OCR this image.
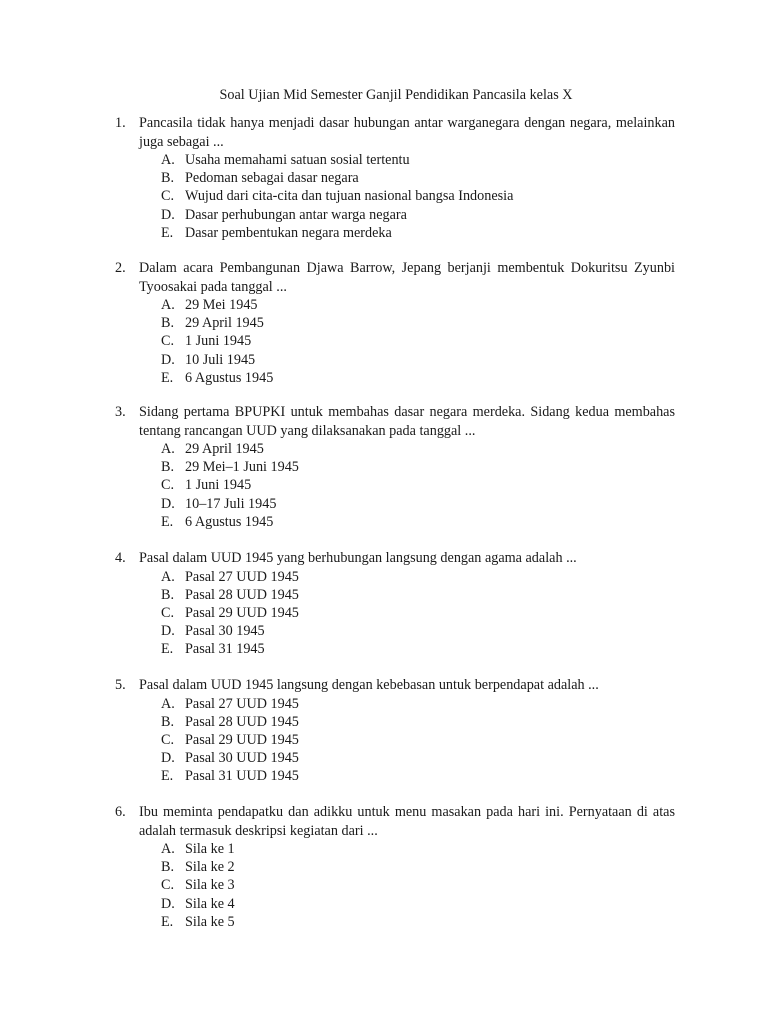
Soal Ujian Mid Semester Ganjil Pendidikan Pancasila kelas X
1. Pancasila tidak hanya menjadi dasar hubungan antar warganegara dengan negara, melainkan juga sebagai ...
A. Usaha memahami satuan sosial tertentu
B. Pedoman sebagai dasar negara
C. Wujud dari cita-cita dan tujuan nasional bangsa Indonesia
D. Dasar perhubungan antar warga negara
E. Dasar pembentukan negara merdeka
2. Dalam acara Pembangunan Djawa Barrow, Jepang berjanji membentuk Dokuritsu Zyunbi Tyoosakai pada tanggal ...
A. 29 Mei 1945
B. 29 April 1945
C. 1 Juni 1945
D. 10 Juli 1945
E. 6 Agustus 1945
3. Sidang pertama BPUPKI untuk membahas dasar negara merdeka. Sidang kedua membahas tentang rancangan UUD yang dilaksanakan pada tanggal ...
A. 29 April 1945
B. 29 Mei–1 Juni 1945
C. 1 Juni 1945
D. 10–17 Juli 1945
E. 6 Agustus 1945
4. Pasal dalam UUD 1945 yang berhubungan langsung dengan agama adalah ...
A. Pasal 27 UUD 1945
B. Pasal 28 UUD 1945
C. Pasal 29 UUD 1945
D. Pasal 30 1945
E. Pasal 31 1945
5. Pasal dalam UUD 1945 langsung dengan kebebasan untuk berpendapat adalah ...
A. Pasal 27 UUD 1945
B. Pasal 28 UUD 1945
C. Pasal 29 UUD 1945
D. Pasal 30 UUD 1945
E. Pasal 31 UUD 1945
6. Ibu meminta pendapatku dan adikku untuk menu masakan pada hari ini. Pernyataan di atas adalah termasuk deskripsi kegiatan dari ...
A. Sila ke 1
B. Sila ke 2
C. Sila ke 3
D. Sila ke 4
E. Sila ke 5
